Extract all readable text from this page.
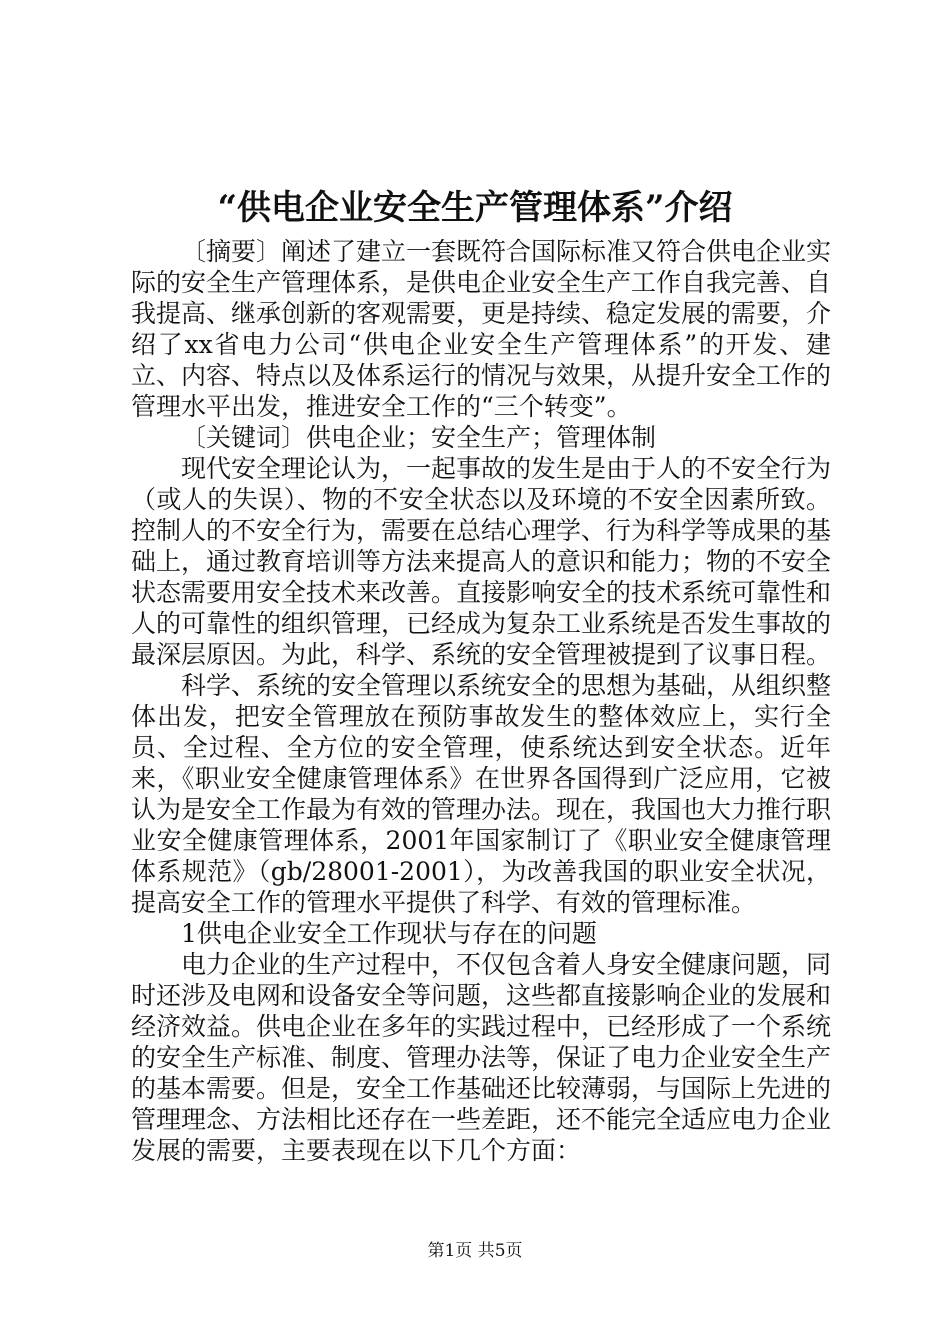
“供电企业安全生产管理体系”介绍

〔摘要〕阐述了建立一套既符合国际标准又符合供电企业实际的安全生产管理体系，是供电企业安全生产工作自我完善、自我提高、继承创新的客观需要，更是持续、稳定发展的需要，介绍了xx省电力公司“供电企业安全生产管理体系”的开发、建立、内容、特点以及体系运行的情况与效果，从提升安全工作的管理水平出发，推进安全工作的“三个转变”。

〔关键词〕供电企业；安全生产；管理体制

现代安全理论认为，一起事故的发生是由于人的不安全行为（或人的失误）、物的不安全状态以及环境的不安全因素所致。控制人的不安全行为，需要在总结心理学、行为科学等成果的基础上，通过教育培训等方法来提高人的意识和能力；物的不安全状态需要用安全技术来改善。直接影响安全的技术系统可靠性和人的可靠性的组织管理，已经成为复杂工业系统是否发生事故的最深层原因。为此，科学、系统的安全管理被提到了议事日程。

科学、系统的安全管理以系统安全的思想为基础，从组织整体出发，把安全管理放在预防事故发生的整体效应上，实行全员、全过程、全方位的安全管理，使系统达到安全状态。近年来，《职业安全健康管理体系》在世界各国得到广泛应用，它被认为是安全工作最为有效的管理办法。现在，我国也大力推行职业安全健康管理体系，2001年国家制订了《职业安全健康管理体系规范》（gb/28001-2001），为改善我国的职业安全状况，提高安全工作的管理水平提供了科学、有效的管理标准。

1供电企业安全工作现状与存在的问题

电力企业的生产过程中，不仅包含着人身安全健康问题，同时还涉及电网和设备安全等问题，这些都直接影响企业的发展和经济效益。供电企业在多年的实践过程中，已经形成了一个系统的安全生产标准、制度、管理办法等，保证了电力企业安全生产的基本需要。但是，安全工作基础还比较薄弱，与国际上先进的管理理念、方法相比还存在一些差距，还不能完全适应电力企业发展的需要，主要表现在以下几个方面：

第1页 共5页
